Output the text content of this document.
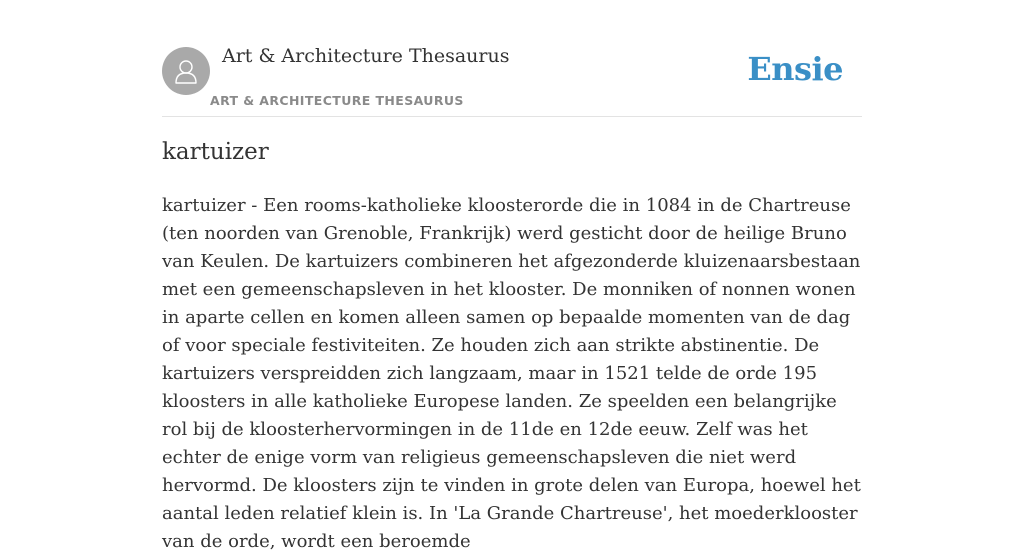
Art & Architecture Thesaurus
ART & ARCHITECTURE THESAURUS
Ensie
kartuizer

kartuizer - Een rooms-katholieke kloosterorde die in 1084 in de Chartreuse (ten noorden van Grenoble, Frankrijk) werd gesticht door de heilige Bruno van Keulen. De kartuizers combineren het afgezonderde kluizenaarsbestaan met een gemeenschapsleven in het klooster. De monniken of nonnen wonen in aparte cellen en komen alleen samen op bepaalde momenten van de dag of voor speciale festiviteiten. Ze houden zich aan strikte abstinentie. De kartuizers verspreidden zich langzaam, maar in 1521 telde de orde 195 kloosters in alle katholieke Europese landen. Ze speelden een belangrijke rol bij de kloosterhervormingen in de 11de en 12de eeuw. Zelf was het echter de enige vorm van religieus gemeenschapsleven die niet werd hervormd. De kloosters zijn te vinden in grote delen van Europa, hoewel het aantal leden relatief klein is. In 'La Grande Chartreuse', het moederklooster van de orde, wordt een beroemde
